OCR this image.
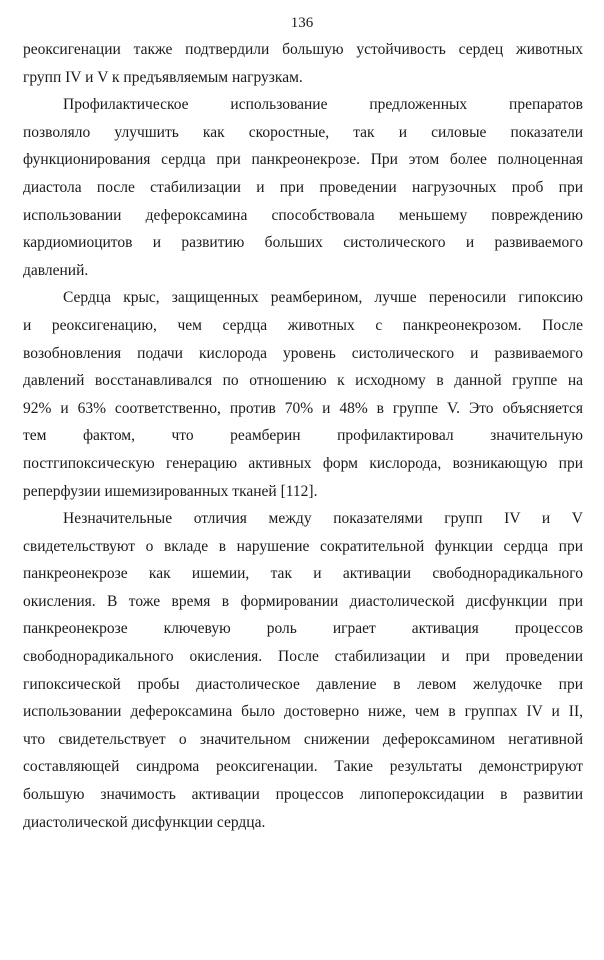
136

реоксигенации также подтвердили большую устойчивость сердец животных
групп IV и V к предъявляемым нагрузкам.

Профилактическое использование предложенных препаратов
позволяло улучшить как скоростные, так и силовые показатели
функционирования сердца при панкреонекрозе. При этом более полноценная
диастола после стабилизации и при проведении нагрузочных проб при
использовании дефероксамина способствовала меньшему повреждению
кардиомиоцитов и развитию больших систолического и развиваемого
давлений.

Сердца крыс, защищенных реамберином, лучше переносили гипоксию
и реоксигенацию, чем сердца животных с панкреонекрозом. После
возобновления подачи кислорода уровень систолического и развиваемого
давлений восстанавливался по отношению к исходному в данной группе на
92% и 63% соответственно, против 70% и 48% в группе V. Это объясняется
тем фактом, что реамберин профилактировал значительную
постгипоксическую генерацию активных форм кислорода, возникающую при
реперфузии ишемизированных тканей [112].

Незначительные отличия между показателями групп IV и V
свидетельствуют о вкладе в нарушение сократительной функции сердца при
панкреонекрозе как ишемии, так и активации свободнорадикального
окисления. В тоже время в формировании диастолической дисфункции при
панкреонекрозе ключевую роль играет активация процессов
свободнорадикального окисления. После стабилизации и при проведении
гипоксической пробы диастолическое давление в левом желудочке при
использовании дефероксамина было достоверно ниже, чем в группах IV и II,
что свидетельствует о значительном снижении дефероксамином негативной
составляющей синдрома реоксигенации. Такие результаты демонстрируют
большую значимость активации процессов липопероксидации в развитии
диастолической дисфункции сердца.
